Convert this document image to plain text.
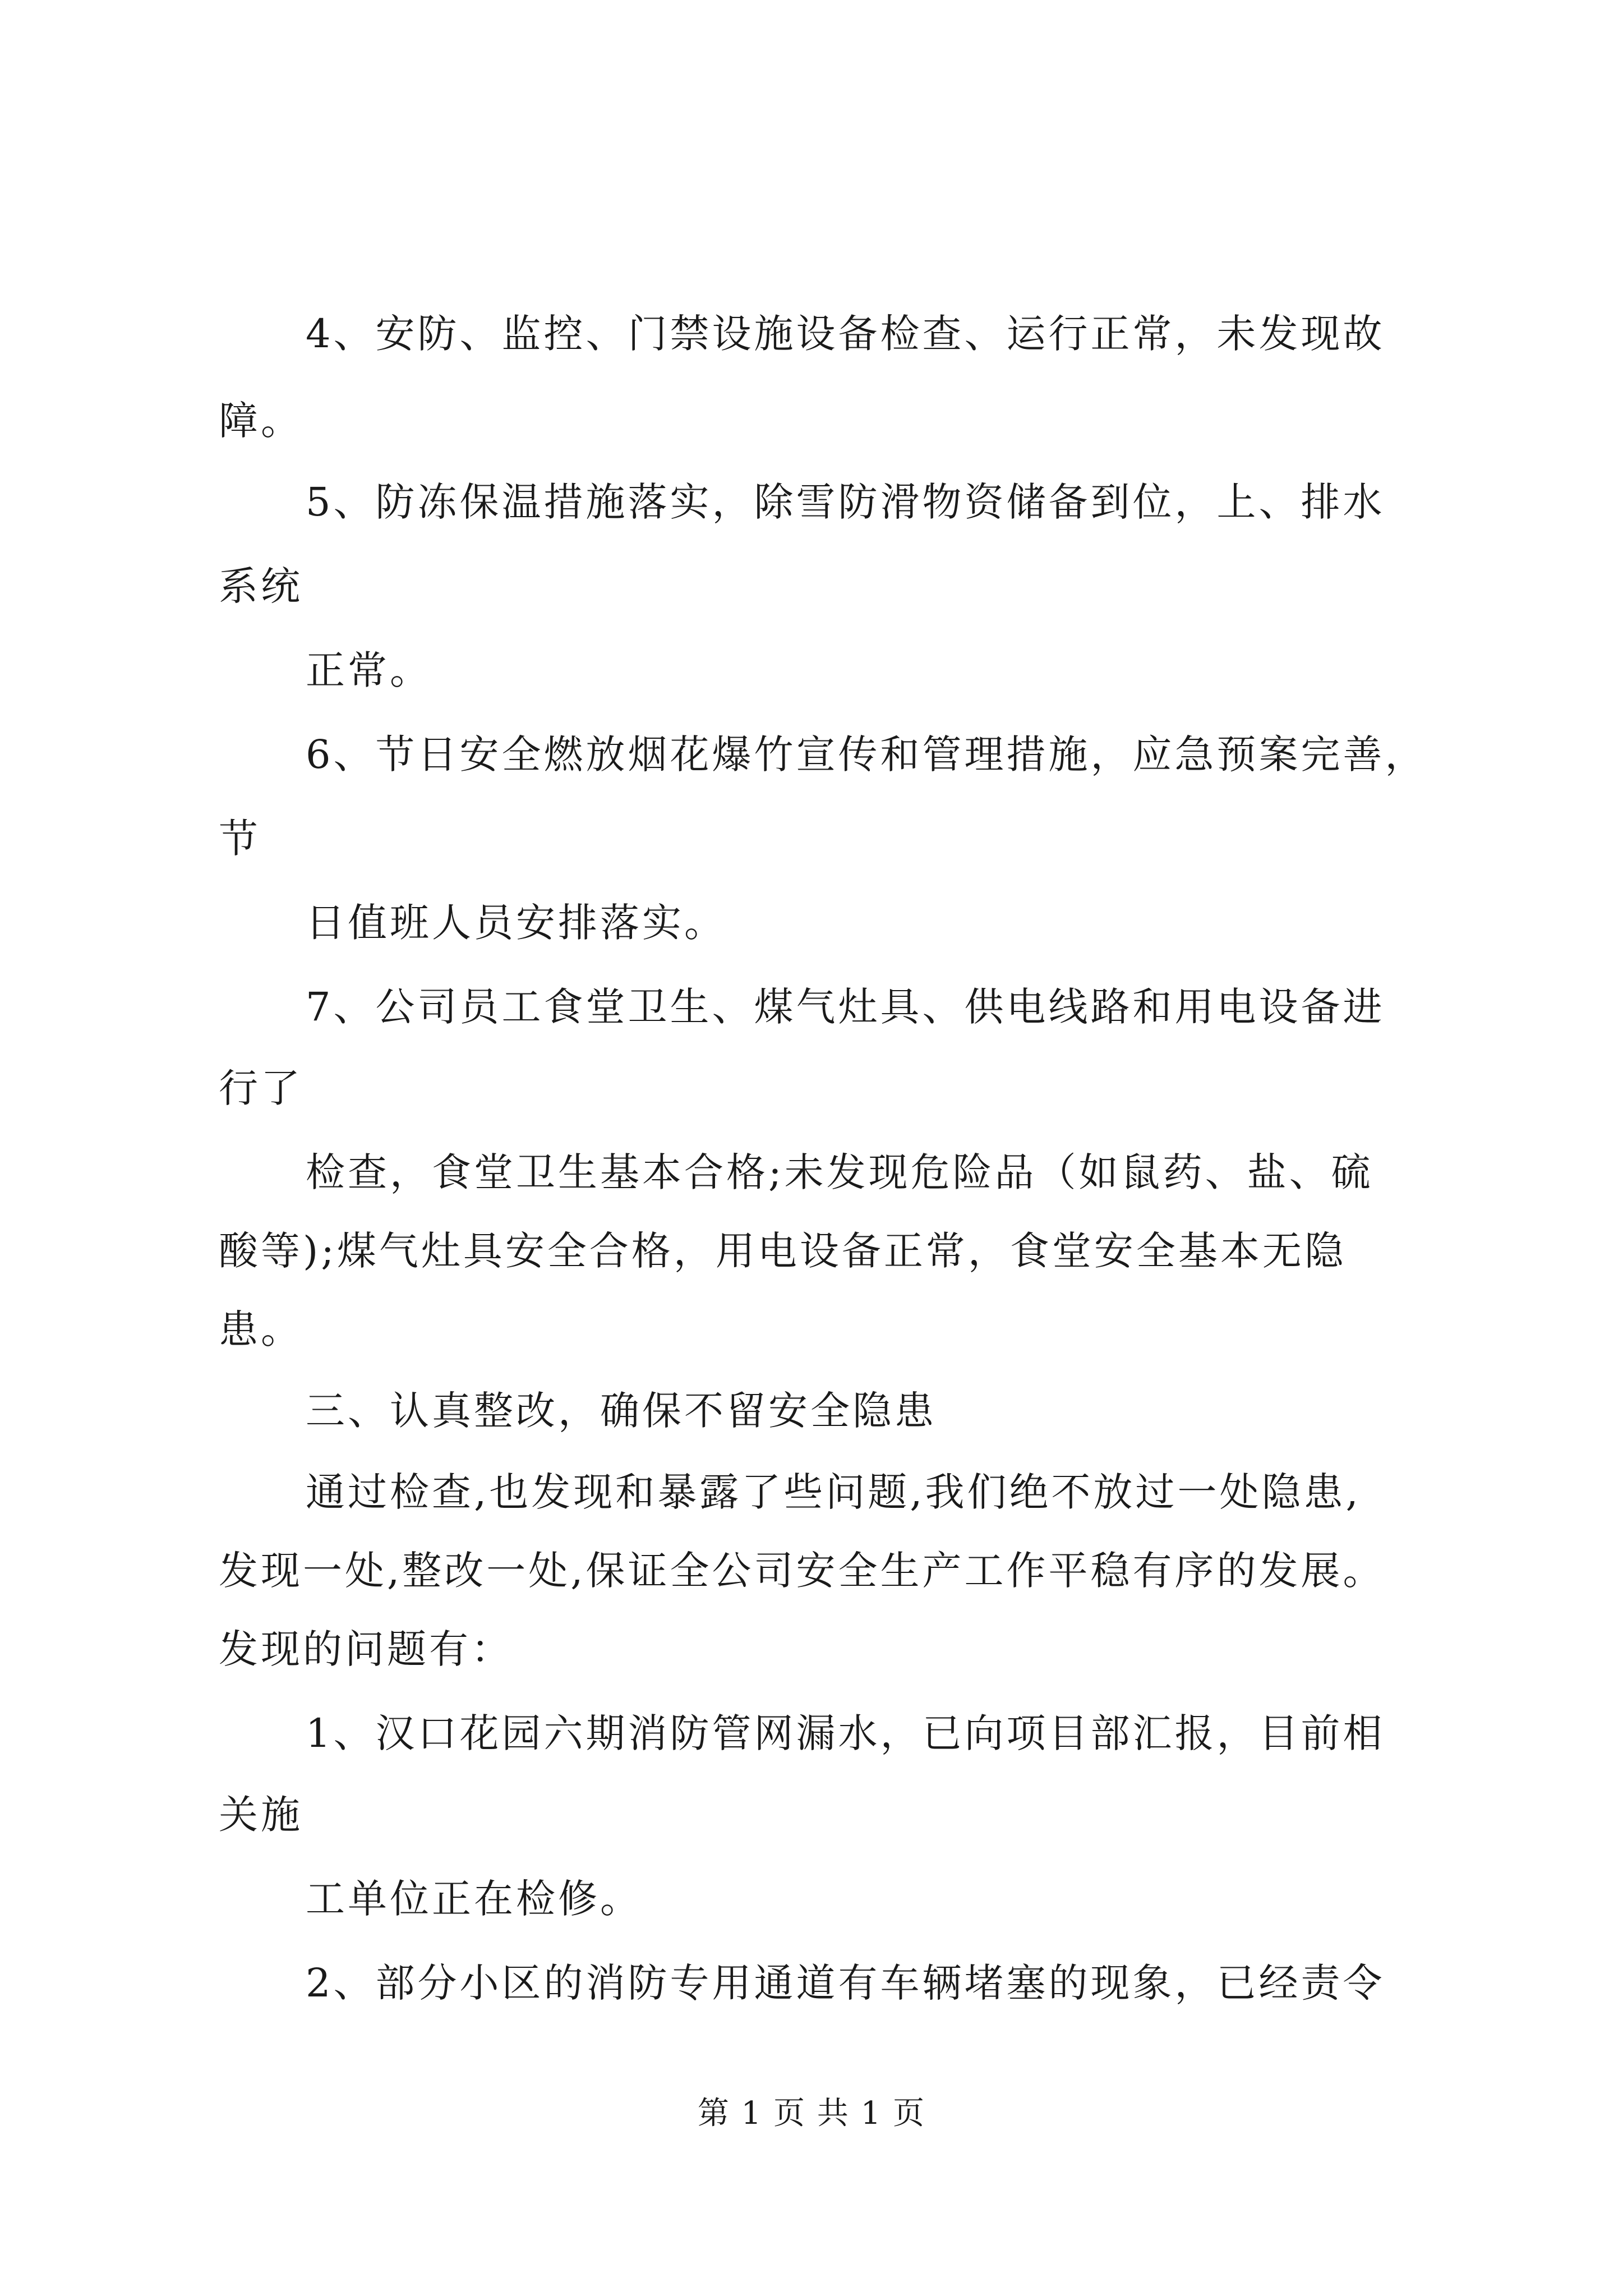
4、安防、监控、门禁设施设备检查、运行正常，未发现故
障。
5、防冻保温措施落实，除雪防滑物资储备到位，上、排水
系统
正常。
6、节日安全燃放烟花爆竹宣传和管理措施，应急预案完善，
节
日值班人员安排落实。
7、公司员工食堂卫生、煤气灶具、供电线路和用电设备进
行了
检查，食堂卫生基本合格;未发现危险品（如鼠药、盐、硫
酸等);煤气灶具安全合格，用电设备正常，食堂安全基本无隐
患。
三、认真整改，确保不留安全隐患
通过检查,也发现和暴露了些问题,我们绝不放过一处隐患,
发现一处,整改一处,保证全公司安全生产工作平稳有序的发展。
发现的问题有：
1、汉口花园六期消防管网漏水，已向项目部汇报，目前相
关施
工单位正在检修。
2、部分小区的消防专用通道有车辆堵塞的现象，已经责令
第 1 页 共 1 页
